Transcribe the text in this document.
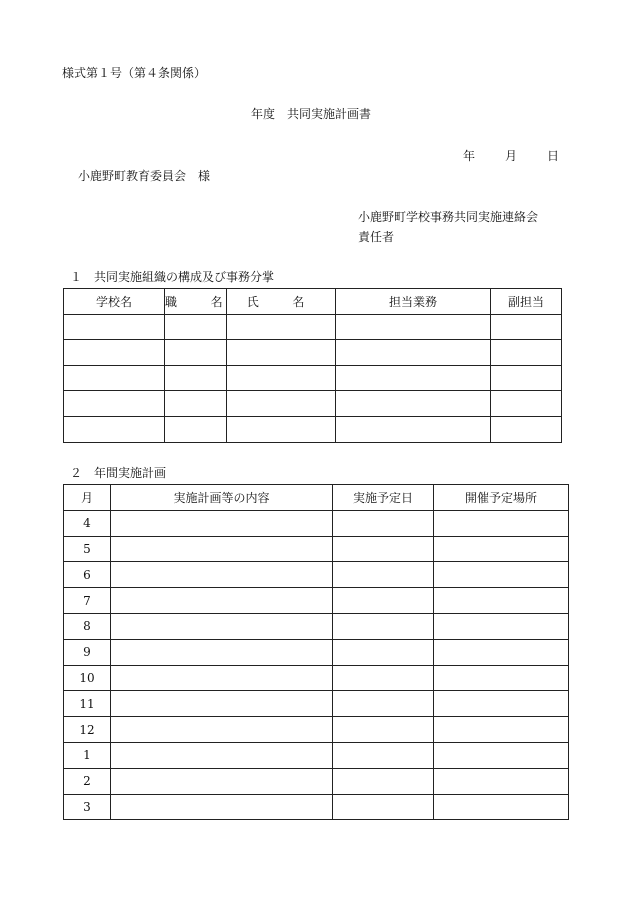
様式第１号（第４条関係）
年度　共同実施計画書
年	月	日
小鹿野町教育委員会　様
小鹿野町学校事務共同実施連絡会
責任者
１　共同実施組織の構成及び事務分掌
学校名	職　名	氏　名	担当業務	副担当

２　年間実施計画
月	実施計画等の内容	実施予定日	開催予定場所
4			
5			
6			
7			
8			
9			
10			
11			
12			
1			
2			
3			
